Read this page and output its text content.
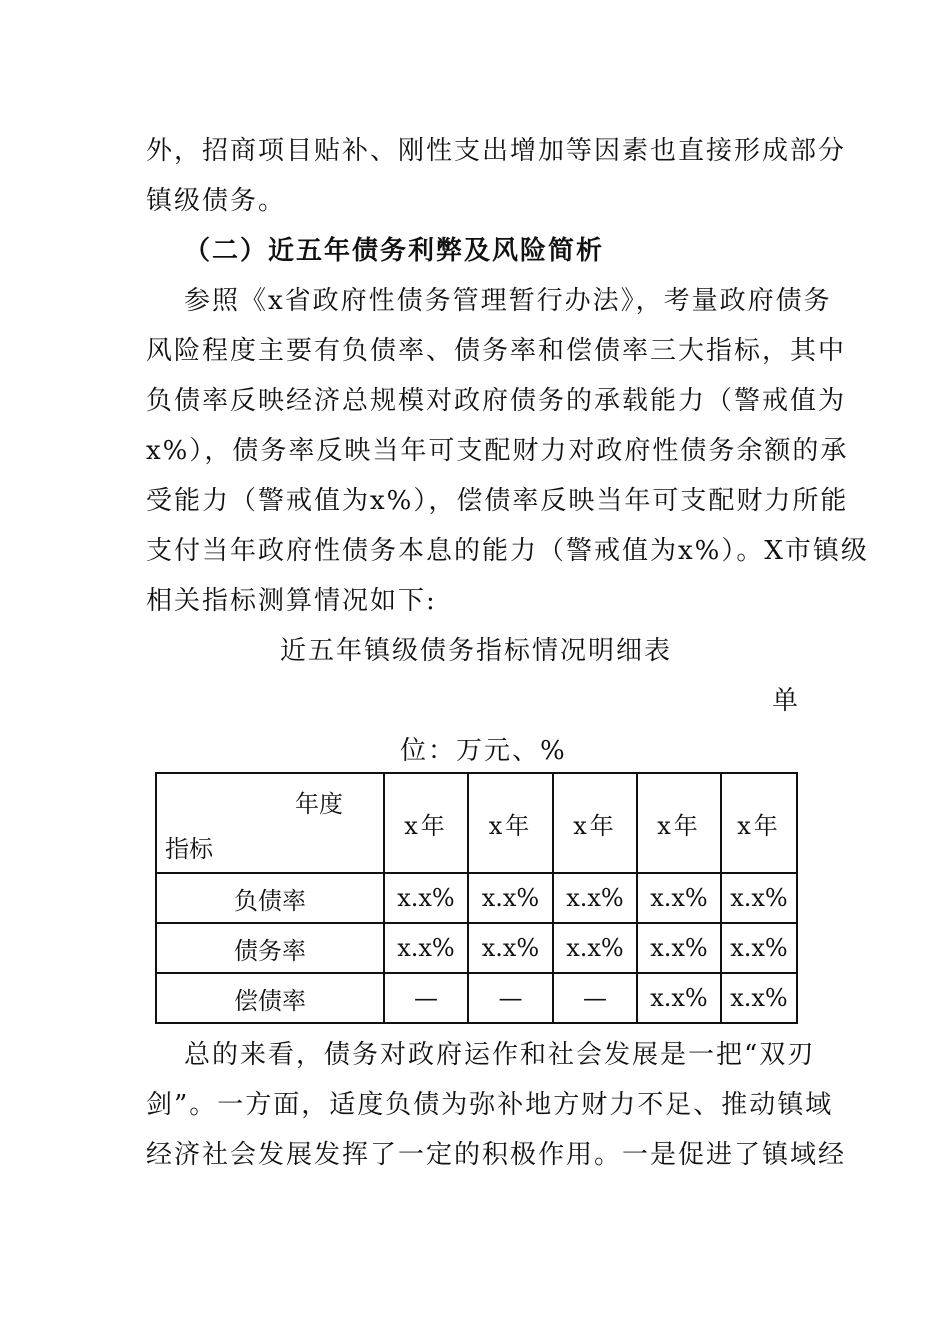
外，招商项目贴补、刚性支出增加等因素也直接形成部分
镇级债务。
（二）近五年债务利弊及风险简析
参照《x省政府性债务管理暂行办法》，考量政府债务
风险程度主要有负债率、债务率和偿债率三大指标，其中
负债率反映经济总规模对政府债务的承载能力（警戒值为
x%），债务率反映当年可支配财力对政府性债务余额的承
受能力（警戒值为x%），偿债率反映当年可支配财力所能
支付当年政府性债务本息的能力（警戒值为x%）。X市镇级
相关指标测算情况如下:
近五年镇级债务指标情况明细表
单
位：万元、%
年度
指标	x年	x年	x年	x年	x年
负债率	x.x%	x.x%	x.x%	x.x%	x.x%
债务率	x.x%	x.x%	x.x%	x.x%	x.x%
偿债率	—	—	—	x.x%	x.x%
总的来看，债务对政府运作和社会发展是一把“双刃
剑”。一方面，适度负债为弥补地方财力不足、推动镇域
经济社会发展发挥了一定的积极作用。一是促进了镇域经
